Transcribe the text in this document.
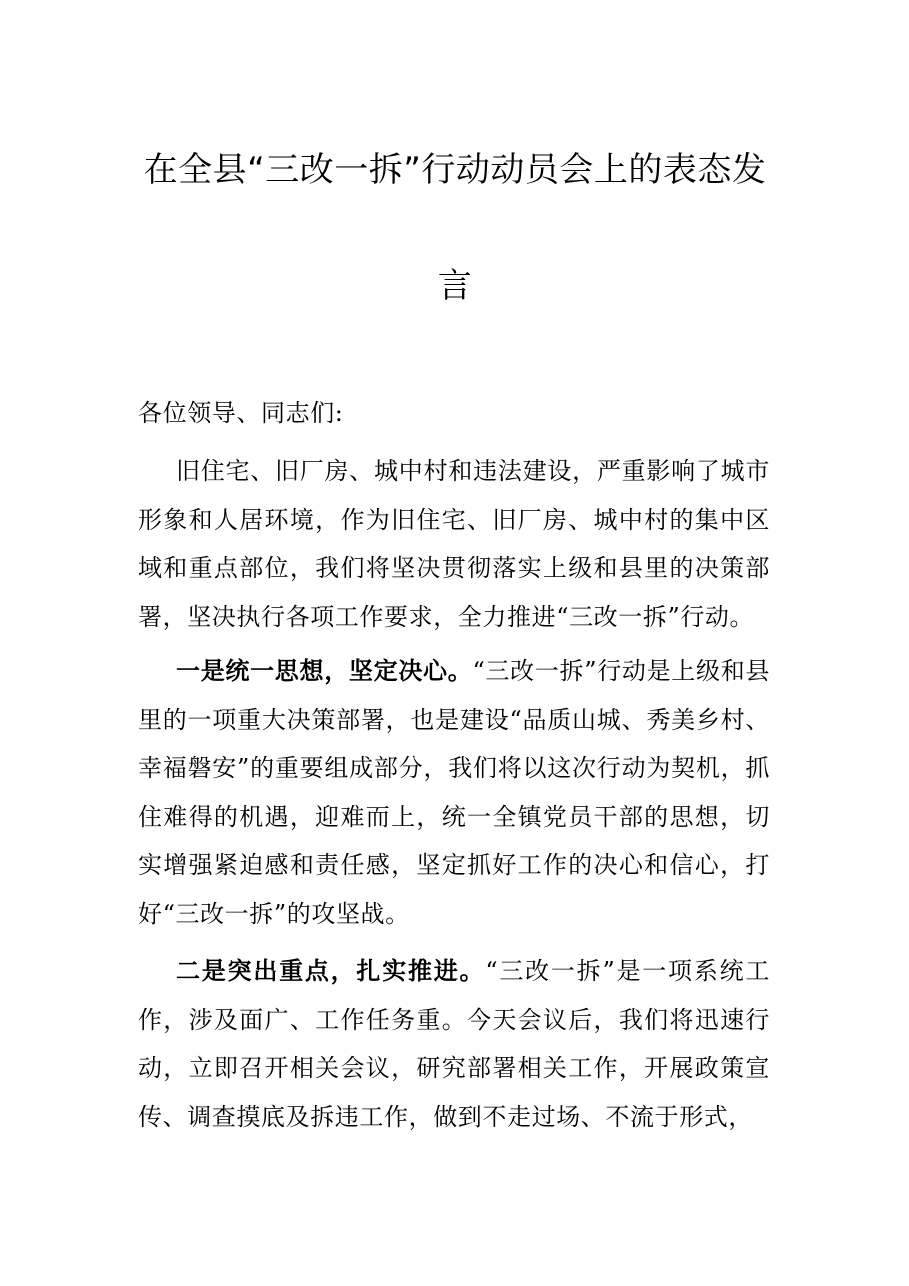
在全县“三改一拆”行动动员会上的表态发
言

各位领导、同志们:

旧住宅、旧厂房、城中村和违法建设，严重影响了城市形象和人居环境，作为旧住宅、旧厂房、城中村的集中区域和重点部位，我们将坚决贯彻落实上级和县里的决策部署，坚决执行各项工作要求，全力推进“三改一拆”行动。

一是统一思想，坚定决心。“三改一拆”行动是上级和县里的一项重大决策部署，也是建设“品质山城、秀美乡村、幸福磐安”的重要组成部分，我们将以这次行动为契机，抓住难得的机遇，迎难而上，统一全镇党员干部的思想，切实增强紧迫感和责任感，坚定抓好工作的决心和信心，打好“三改一拆”的攻坚战。

二是突出重点，扎实推进。“三改一拆”是一项系统工作，涉及面广、工作任务重。今天会议后，我们将迅速行动，立即召开相关会议，研究部署相关工作，开展政策宣传、调查摸底及拆违工作，做到不走过场、不流于形式，
